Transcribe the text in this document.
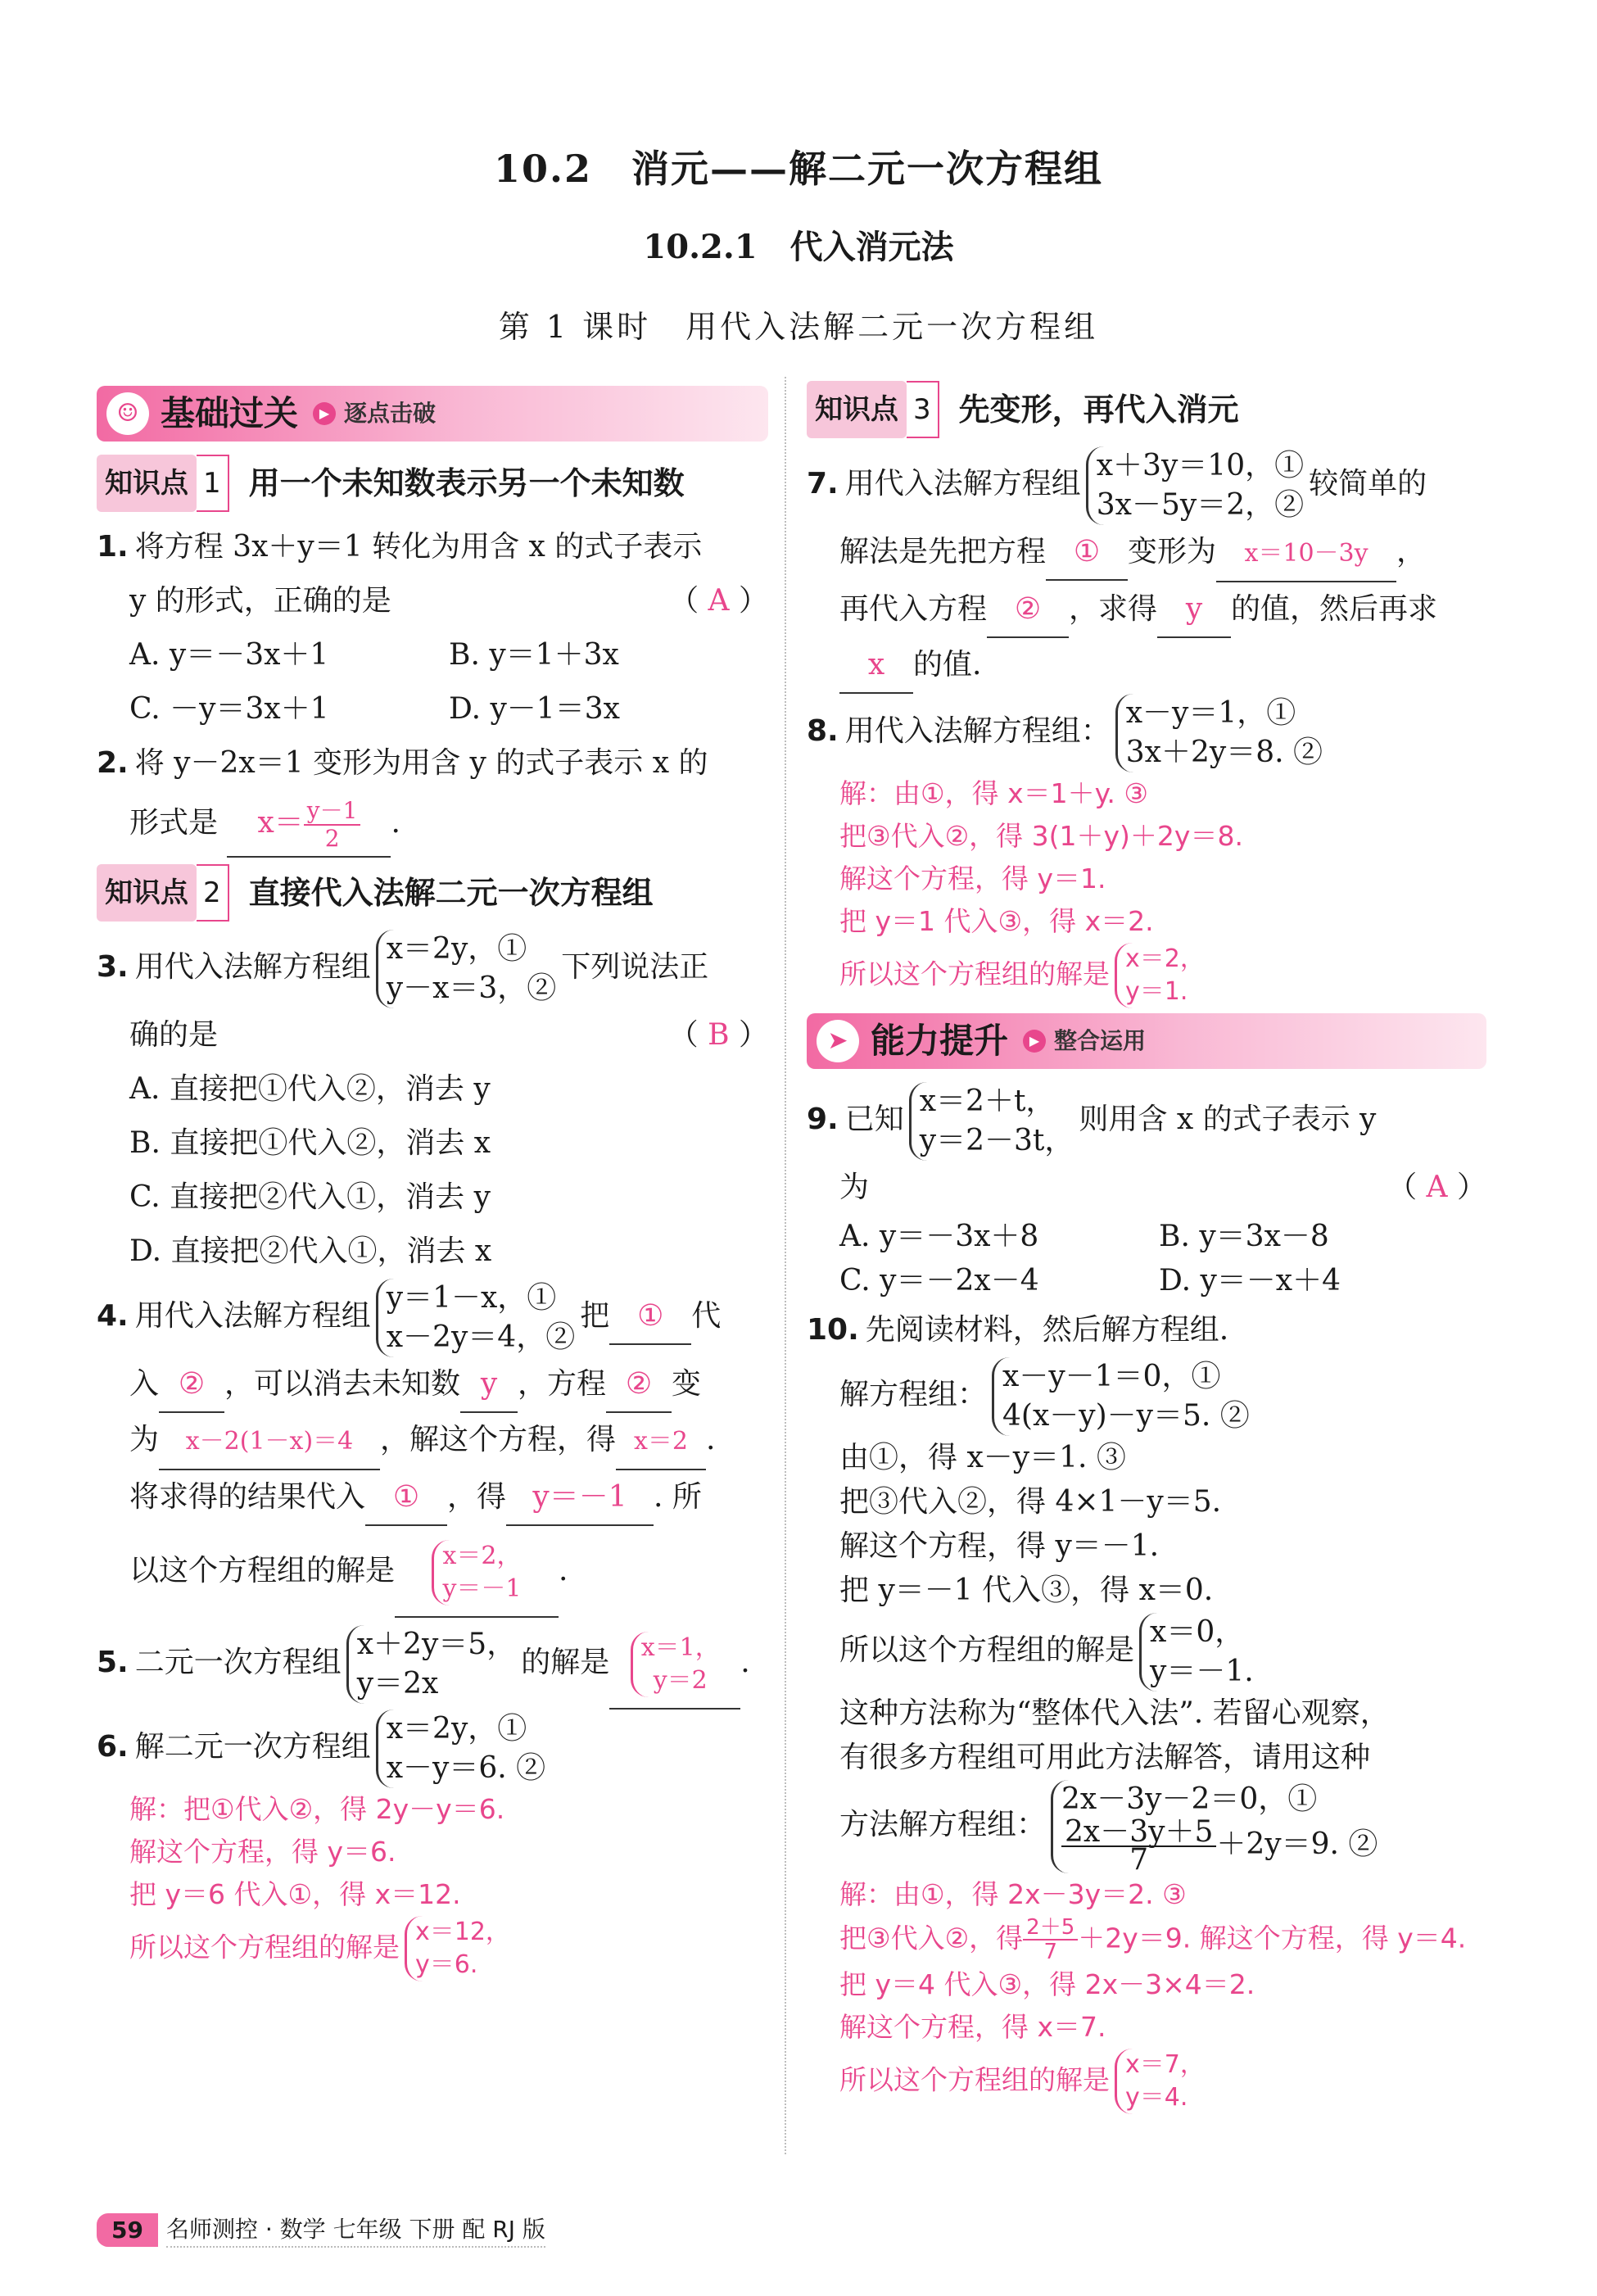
10.2　消元——解二元一次方程组
10.2.1　代入消元法
第 1 课时　用代入法解二元一次方程组
☺ 基础过关	▶ 逐点击破
知识点 1 用一个未知数表示另一个未知数
1. 将方程 3x＋y＝1 转化为用含 x 的式子表示
y 的形式，正确的是	（ A ）
A. y＝－3x＋1	B. y＝1＋3x
C. －y＝3x＋1	D. y－1＝3x
2. 将 y－2x＝1 变形为用含 y 的式子表示 x 的
形式是 $x= \frac{y-1}{2}$ .
知识点 2 直接代入法解二元一次方程组
3. 用代入法解方程组x＝2y，①
y－x＝3，②下列说法正
确的是	（ B ）
A. 直接把①代入②，消去 y
B. 直接把①代入②，消去 x
C. 直接把②代入①，消去 y
D. 直接把②代入①，消去 x
4. 用代入法解方程组y＝1－x，①
x－2y＝4，②把 ① 代
入 ② ，可以消去未知数 y ，方程 ② 变
为 x－2(1－x)＝4 ，解这个方程，得 x＝2 .
将求得的结果代入 ① ，得 y＝－1 . 所
以这个方程组的解是 x＝2，
y＝－1.
5. 二元一次方程组x＋2y＝5，
y＝2x的解是 x＝1，
y＝2.
6. 解二元一次方程组x＝2y，①
x－y＝6. ②
解：把①代入②，得 2y－y＝6.
解这个方程，得 y＝6.
把 y＝6 代入①，得 x＝12.
所以这个方程组的解是 x＝12，
y＝6.
知识点 3 先变形，再代入消元
7. 用代入法解方程组x＋3y＝10，①
3x－5y＝2，②较简单的
解法是先把方程 ① 变形为 x＝10－3y ，
再代入方程 ② ，求得 y 的值，然后再求
x 的值.
8. 用代入法解方程组：x－y＝1，①
3x＋2y＝8. ②
解：由①，得 x＝1＋y. ③
把③代入②，得 3(1＋y)＋2y＝8.
解这个方程，得 y＝1.
把 y＝1 代入③，得 x＝2.
所以这个方程组的解是 x＝2，
y＝1.
➤ 能力提升	▶ 整合运用
9. 已知x＝2＋t，
y＝2－3t，则用含 x 的式子表示 y
为	（ A ）
A. y＝－3x＋8	B. y＝3x－8
C. y＝－2x－4	D. y＝－x＋4
10. 先阅读材料，然后解方程组.
解方程组：x－y－1＝0，①
4(x－y)－y＝5. ②
由①，得 x－y＝1. ③
把③代入②，得 4×1－y＝5.
解这个方程，得 y＝－1.
把 y＝－1 代入③，得 x＝0.
所以这个方程组的解是x＝0，
y＝－1.
这种方法称为“整体代入法”. 若留心观察，
有很多方程组可用此方法解答，请用这种
方法解方程组：2x－3y－2＝0，①

$\frac{2x-3y+5}{7} +2y=9$. ②
解：由①，得 2x－3y＝2. ③
把③代入②，得 $\frac{2+5}{7} +2y=9$. 解这个方程，得 y＝4.
把 y＝4 代入③，得 2x－3×4＝2.
解这个方程，得 x＝7.
所以这个方程组的解是 x＝7，
y＝4.
59	名师测控 · 数学 七年级 下册 配 RJ 版
